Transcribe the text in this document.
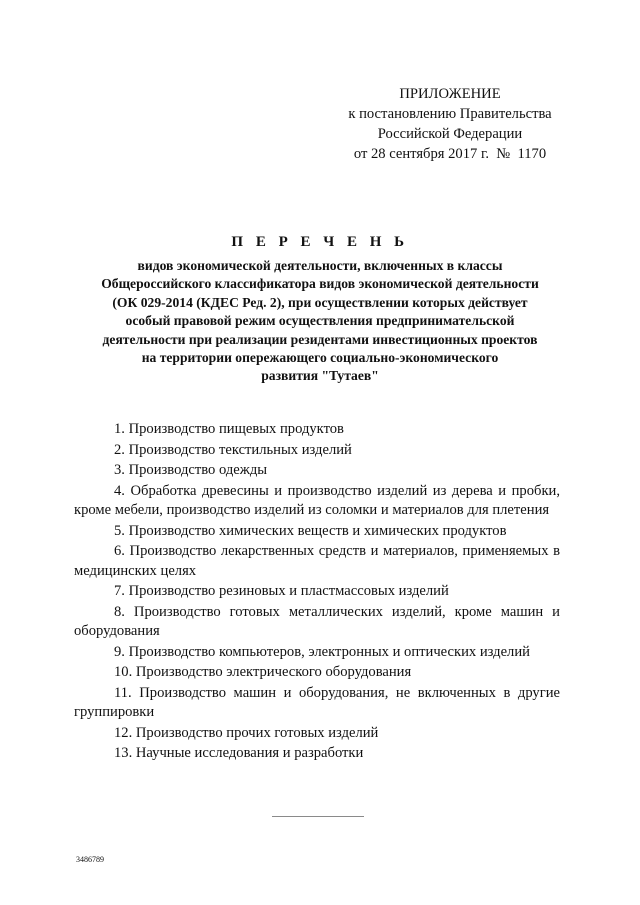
ПРИЛОЖЕНИЕ
к постановлению Правительства
Российской Федерации
от 28 сентября 2017 г.  №  1170
П Е Р Е Ч Е Н Ь
видов экономической деятельности, включенных в классы
Общероссийского классификатора видов экономической деятельности
(ОК 029-2014 (КДЕС Ред. 2), при осуществлении которых действует
особый правовой режим осуществления предпринимательской
деятельности при реализации резидентами инвестиционных проектов
на территории опережающего социально-экономического
развития "Тутаев"
1. Производство пищевых продуктов
2. Производство текстильных изделий
3. Производство одежды
4. Обработка древесины и производство изделий из дерева и пробки, кроме мебели, производство изделий из соломки и материалов для плетения
5. Производство химических веществ и химических продуктов
6. Производство лекарственных средств и материалов, применяемых в медицинских целях
7. Производство резиновых и пластмассовых изделий
8. Производство готовых металлических изделий, кроме машин и оборудования
9. Производство компьютеров, электронных и оптических изделий
10. Производство электрического оборудования
11. Производство машин и оборудования, не включенных в другие группировки
12. Производство прочих готовых изделий
13. Научные исследования и разработки
3486789
